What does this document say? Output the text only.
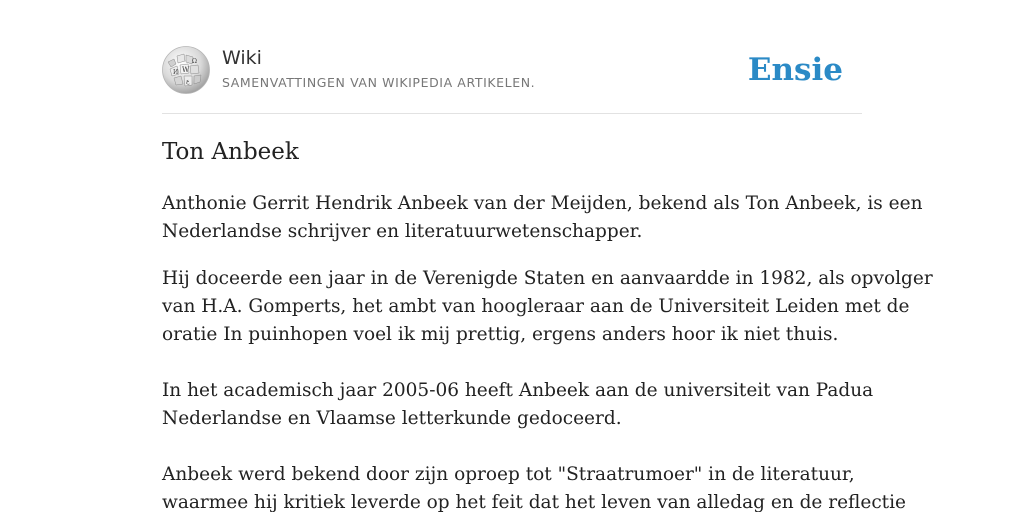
W
Ω
И
ع
Wiki
SAMENVATTINGEN VAN WIKIPEDIA ARTIKELEN.	Ensie
Ton Anbeek

Anthonie Gerrit Hendrik Anbeek van der Meijden, bekend als Ton Anbeek, is een

Nederlandse schrijver en literatuurwetenschapper.

Hij doceerde een jaar in de Verenigde Staten en aanvaardde in 1982, als opvolger

van H.A. Gomperts, het ambt van hoogleraar aan de Universiteit Leiden met de

oratie In puinhopen voel ik mij prettig, ergens anders hoor ik niet thuis.

In het academisch jaar 2005-06 heeft Anbeek aan de universiteit van Padua

Nederlandse en Vlaamse letterkunde gedoceerd.

Anbeek werd bekend door zijn oproep tot "Straatrumoer" in de literatuur,

waarmee hij kritiek leverde op het feit dat het leven van alledag en de reflectie
